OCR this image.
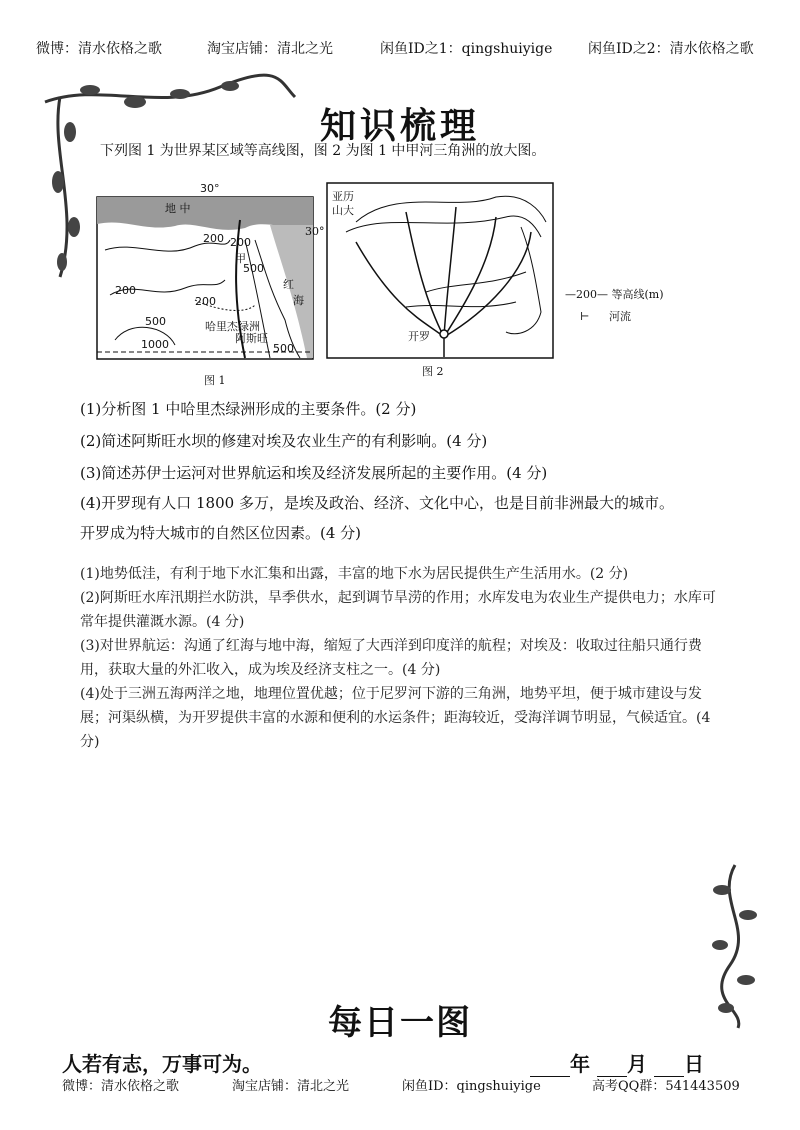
微博：清水依格之歌	淘宝店铺：清北之光	闲鱼ID之1：qingshuiyige	闲鱼ID之2：清水依格之歌
知识梳理
下列图 1 为世界某区域等高线图，图 2 为图 1 中甲河三角洲的放大图。
30°
地 中
200 200
200
200
500
500
500
1000
甲
红
海
哈里杰绿洲
阿斯旺
30°
图 1
亚历
山大
开罗
图 2
—200— 等高线(m)
⊢ 河流
(1)分析图 1 中哈里杰绿洲形成的主要条件。(2 分)
(2)简述阿斯旺水坝的修建对埃及农业生产的有利影响。(4 分)
(3)简述苏伊士运河对世界航运和埃及经济发展所起的主要作用。(4 分)
(4)开罗现有人口 1800 多万，是埃及政治、经济、文化中心，也是目前非洲最大的城市。
开罗成为特大城市的自然区位因素。(4 分)

(1)地势低洼，有利于地下水汇集和出露，丰富的地下水为居民提供生产生活用水。(2 分)

(2)阿斯旺水库汛期拦水防洪，旱季供水，起到调节旱涝的作用；水库发电为农业生产提供电力；水库可常年提供灌溉水源。(4 分)

(3)对世界航运：沟通了红海与地中海，缩短了大西洋到印度洋的航程；对埃及：收取过往船只通行费用，获取大量的外汇收入，成为埃及经济支柱之一。(4 分)

(4)处于三洲五海两洋之地，地理位置优越；位于尼罗河下游的三角洲，地势平坦，便于城市建设与发展；河渠纵横，为开罗提供丰富的水源和便利的水运条件；距海较近，受海洋调节明显，气候适宜。(4 分)

每日一图
人若有志，万事可为。	年 月 日
微博：清水依格之歌	淘宝店铺：清北之光	闲鱼ID：qingshuiyige	高考QQ群：541443509
